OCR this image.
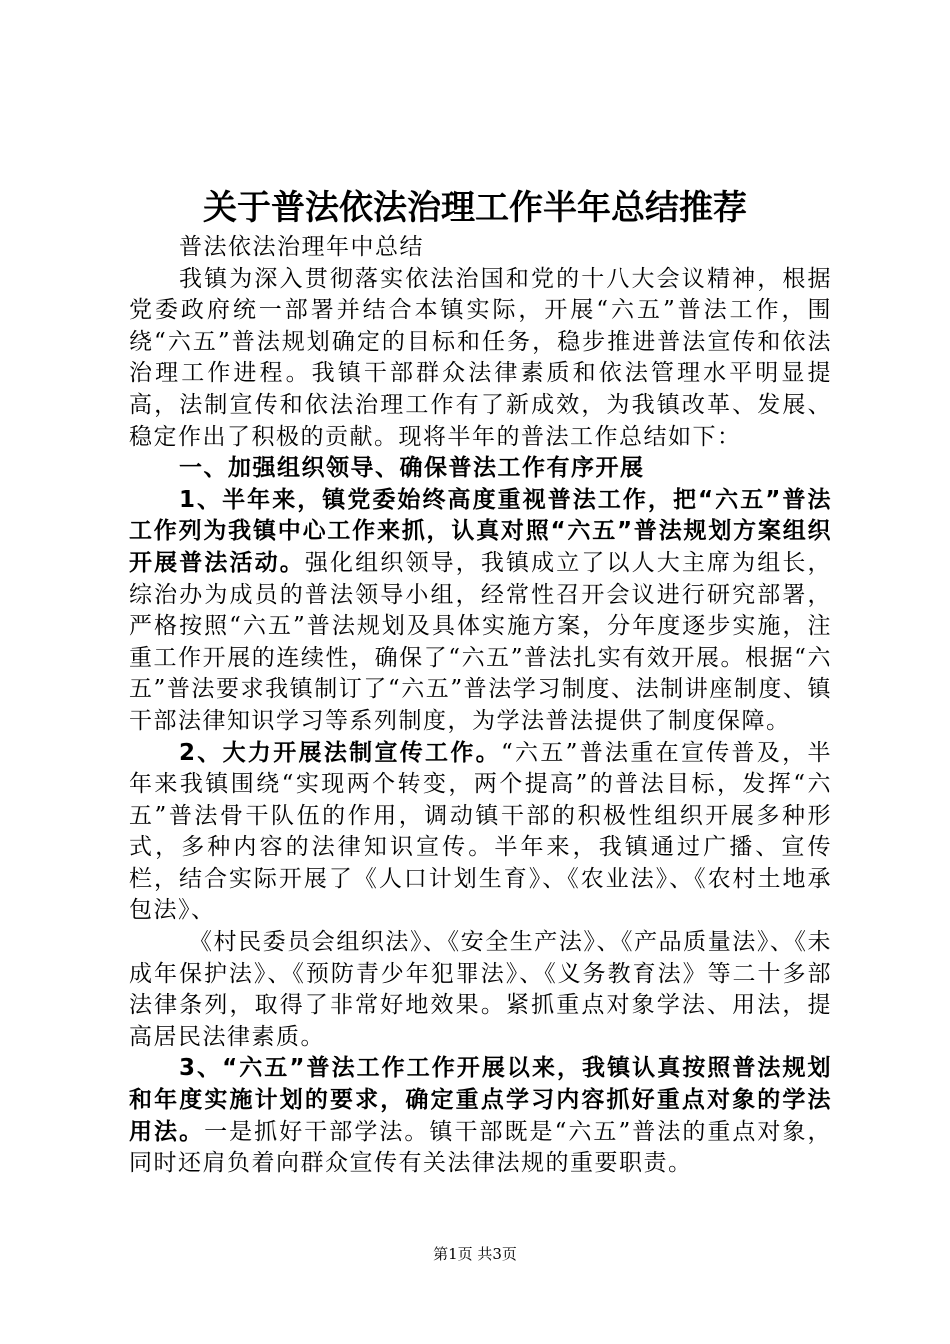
关于普法依法治理工作半年总结推荐

普法依法治理年中总结

我镇为深入贯彻落实依法治国和党的十八大会议精神，根据党委政府统一部署并结合本镇实际，开展“六五”普法工作，围绕“六五”普法规划确定的目标和任务，稳步推进普法宣传和依法治理工作进程。我镇干部群众法律素质和依法管理水平明显提高，法制宣传和依法治理工作有了新成效，为我镇改革、发展、稳定作出了积极的贡献。现将半年的普法工作总结如下：

一、加强组织领导、确保普法工作有序开展

1、半年来，镇党委始终高度重视普法工作，把“六五”普法工作列为我镇中心工作来抓，认真对照“六五”普法规划方案组织开展普法活动。强化组织领导，我镇成立了以人大主席为组长，综治办为成员的普法领导小组，经常性召开会议进行研究部署，严格按照“六五”普法规划及具体实施方案，分年度逐步实施，注重工作开展的连续性，确保了“六五”普法扎实有效开展。根据“六五”普法要求我镇制订了“六五”普法学习制度、法制讲座制度、镇干部法律知识学习等系列制度，为学法普法提供了制度保障。

2、大力开展法制宣传工作。“六五”普法重在宣传普及，半年来我镇围绕“实现两个转变，两个提高”的普法目标，发挥“六五”普法骨干队伍的作用，调动镇干部的积极性组织开展多种形式，多种内容的法律知识宣传。半年来，我镇通过广播、宣传栏，结合实际开展了《人口计划生育》、《农业法》、《农村土地承包法》、

《村民委员会组织法》、《安全生产法》、《产品质量法》、《未成年保护法》、《预防青少年犯罪法》、《义务教育法》等二十多部法律条列，取得了非常好地效果。紧抓重点对象学法、用法，提高居民法律素质。

3、“六五”普法工作工作开展以来，我镇认真按照普法规划和年度实施计划的要求，确定重点学习内容抓好重点对象的学法用法。一是抓好干部学法。镇干部既是“六五”普法的重点对象，同时还肩负着向群众宣传有关法律法规的重要职责。

第1页 共3页
